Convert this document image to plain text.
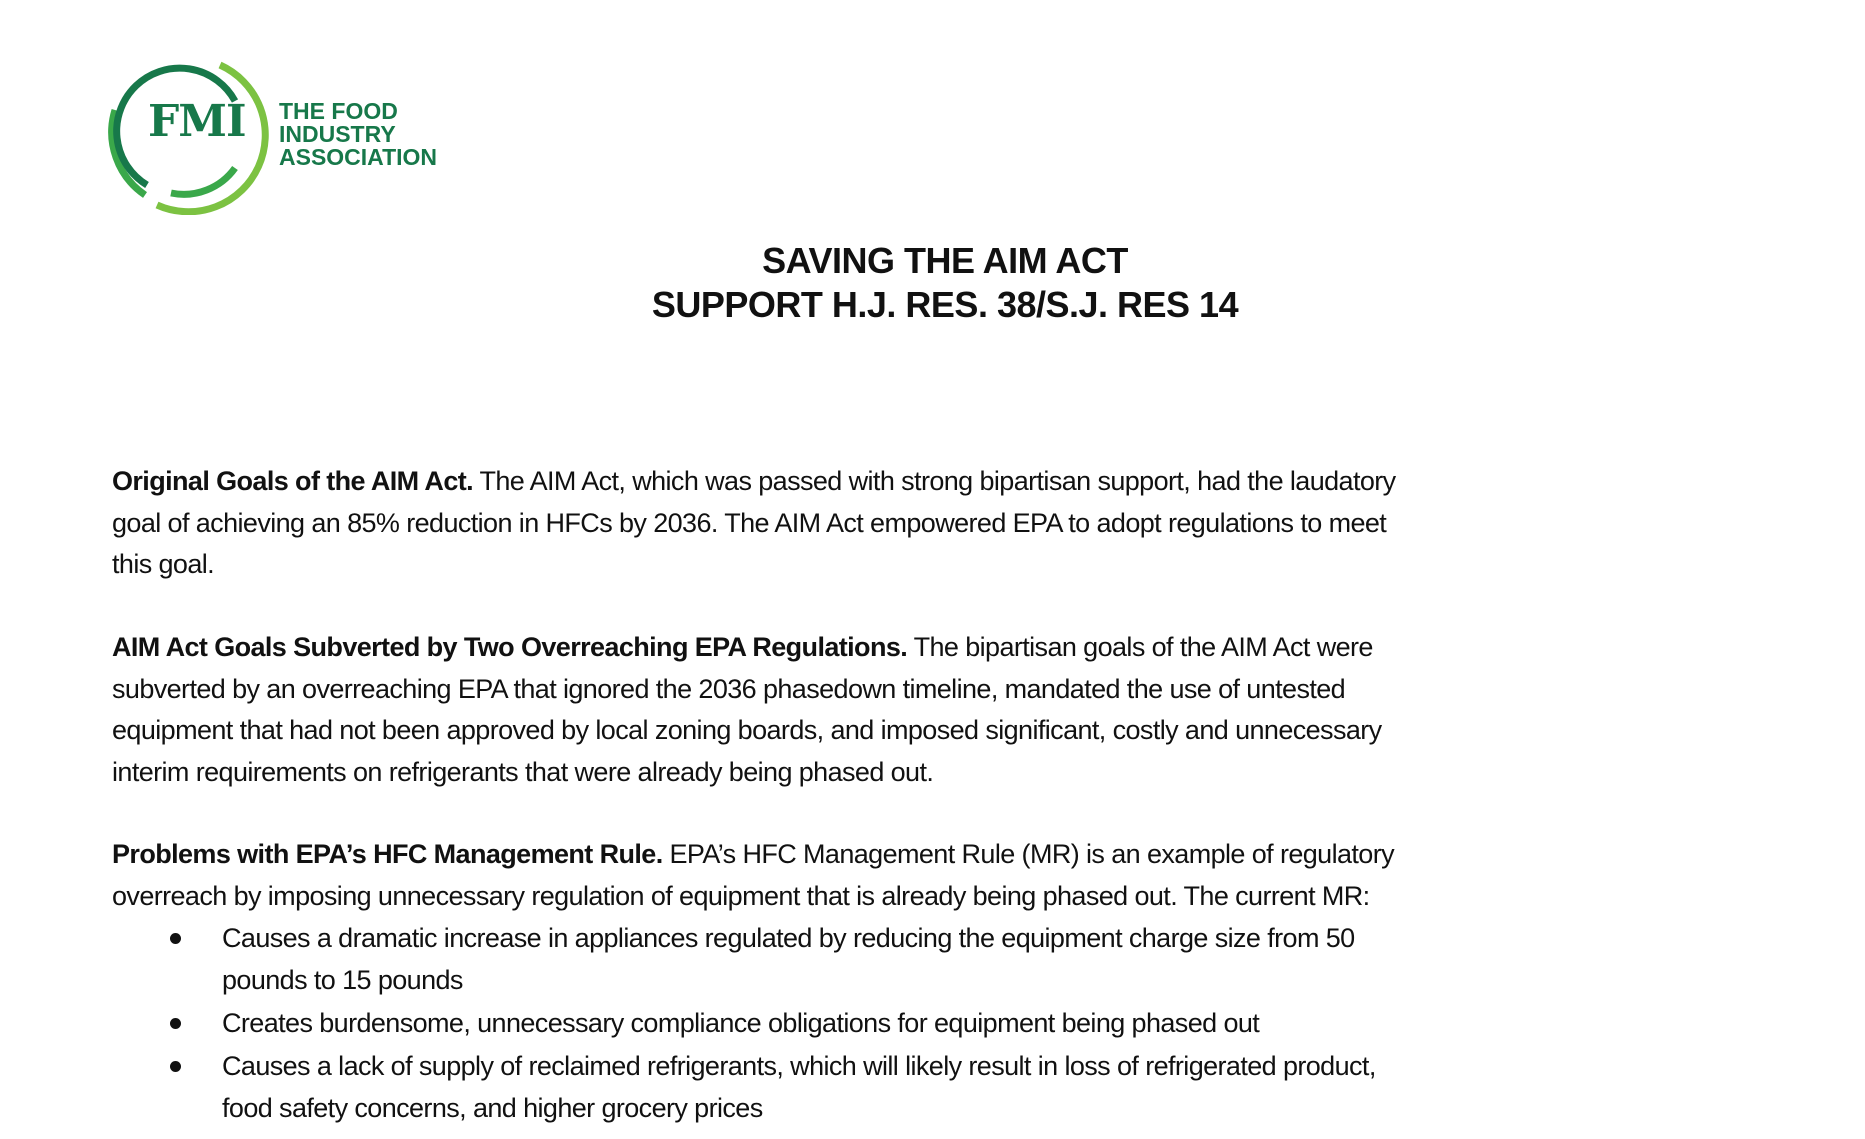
FMI THE FOOD
INDUSTRY
ASSOCIATION
SAVING THE AIM ACT
SUPPORT H.J. RES. 38/S.J. RES 14
Original Goals of the AIM Act. The AIM Act, which was passed with strong bipartisan support, had the laudatory
goal of achieving an 85% reduction in HFCs by 2036. The AIM Act empowered EPA to adopt regulations to meet
this goal.
AIM Act Goals Subverted by Two Overreaching EPA Regulations. The bipartisan goals of the AIM Act were
subverted by an overreaching EPA that ignored the 2036 phasedown timeline, mandated the use of untested
equipment that had not been approved by local zoning boards, and imposed significant, costly and unnecessary
interim requirements on refrigerants that were already being phased out.
Problems with EPA’s HFC Management Rule. EPA’s HFC Management Rule (MR) is an example of regulatory
overreach by imposing unnecessary regulation of equipment that is already being phased out. The current MR:
Causes a dramatic increase in appliances regulated by reducing the equipment charge size from 50
pounds to 15 pounds
Creates burdensome, unnecessary compliance obligations for equipment being phased out
Causes a lack of supply of reclaimed refrigerants, which will likely result in loss of refrigerated product,
food safety concerns, and higher grocery prices
